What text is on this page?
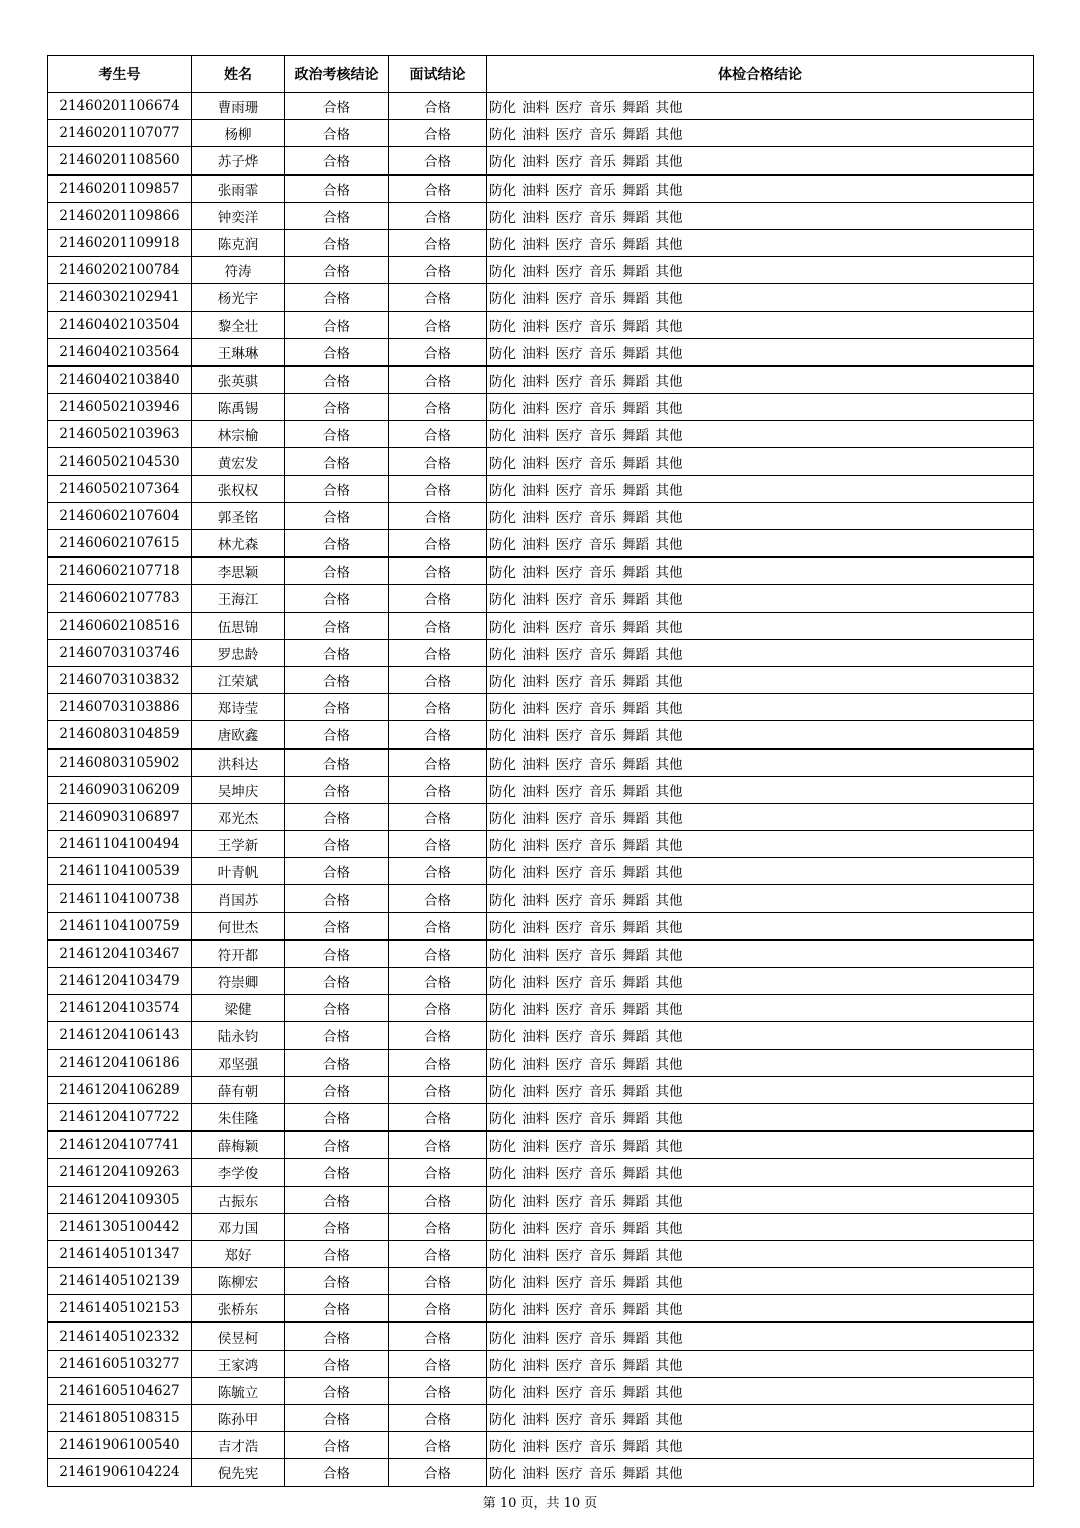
考生号	姓名	政治考核结论	面试结论	体检合格结论
21460201106674	曹雨珊	合格	合格	防化 油料 医疗 音乐 舞蹈 其他
21460201107077	杨柳	合格	合格	防化 油料 医疗 音乐 舞蹈 其他
21460201108560	苏子烨	合格	合格	防化 油料 医疗 音乐 舞蹈 其他
21460201109857	张雨霏	合格	合格	防化 油料 医疗 音乐 舞蹈 其他
21460201109866	钟奕洋	合格	合格	防化 油料 医疗 音乐 舞蹈 其他
21460201109918	陈克润	合格	合格	防化 油料 医疗 音乐 舞蹈 其他
21460202100784	符涛	合格	合格	防化 油料 医疗 音乐 舞蹈 其他
21460302102941	杨光宇	合格	合格	防化 油料 医疗 音乐 舞蹈 其他
21460402103504	黎全壮	合格	合格	防化 油料 医疗 音乐 舞蹈 其他
21460402103564	王琳琳	合格	合格	防化 油料 医疗 音乐 舞蹈 其他
21460402103840	张英骐	合格	合格	防化 油料 医疗 音乐 舞蹈 其他
21460502103946	陈禹锡	合格	合格	防化 油料 医疗 音乐 舞蹈 其他
21460502103963	林宗榆	合格	合格	防化 油料 医疗 音乐 舞蹈 其他
21460502104530	黄宏发	合格	合格	防化 油料 医疗 音乐 舞蹈 其他
21460502107364	张权权	合格	合格	防化 油料 医疗 音乐 舞蹈 其他
21460602107604	郭圣铭	合格	合格	防化 油料 医疗 音乐 舞蹈 其他
21460602107615	林尤森	合格	合格	防化 油料 医疗 音乐 舞蹈 其他
21460602107718	李思颖	合格	合格	防化 油料 医疗 音乐 舞蹈 其他
21460602107783	王海江	合格	合格	防化 油料 医疗 音乐 舞蹈 其他
21460602108516	伍思锦	合格	合格	防化 油料 医疗 音乐 舞蹈 其他
21460703103746	罗忠龄	合格	合格	防化 油料 医疗 音乐 舞蹈 其他
21460703103832	江荣斌	合格	合格	防化 油料 医疗 音乐 舞蹈 其他
21460703103886	郑诗莹	合格	合格	防化 油料 医疗 音乐 舞蹈 其他
21460803104859	唐欧鑫	合格	合格	防化 油料 医疗 音乐 舞蹈 其他
21460803105902	洪科达	合格	合格	防化 油料 医疗 音乐 舞蹈 其他
21460903106209	吴坤庆	合格	合格	防化 油料 医疗 音乐 舞蹈 其他
21460903106897	邓光杰	合格	合格	防化 油料 医疗 音乐 舞蹈 其他
21461104100494	王学新	合格	合格	防化 油料 医疗 音乐 舞蹈 其他
21461104100539	叶青帆	合格	合格	防化 油料 医疗 音乐 舞蹈 其他
21461104100738	肖国苏	合格	合格	防化 油料 医疗 音乐 舞蹈 其他
21461104100759	何世杰	合格	合格	防化 油料 医疗 音乐 舞蹈 其他
21461204103467	符开都	合格	合格	防化 油料 医疗 音乐 舞蹈 其他
21461204103479	符崇卿	合格	合格	防化 油料 医疗 音乐 舞蹈 其他
21461204103574	梁健	合格	合格	防化 油料 医疗 音乐 舞蹈 其他
21461204106143	陆永钧	合格	合格	防化 油料 医疗 音乐 舞蹈 其他
21461204106186	邓坚强	合格	合格	防化 油料 医疗 音乐 舞蹈 其他
21461204106289	薛有朝	合格	合格	防化 油料 医疗 音乐 舞蹈 其他
21461204107722	朱佳隆	合格	合格	防化 油料 医疗 音乐 舞蹈 其他
21461204107741	薛梅颖	合格	合格	防化 油料 医疗 音乐 舞蹈 其他
21461204109263	李学俊	合格	合格	防化 油料 医疗 音乐 舞蹈 其他
21461204109305	古振东	合格	合格	防化 油料 医疗 音乐 舞蹈 其他
21461305100442	邓力国	合格	合格	防化 油料 医疗 音乐 舞蹈 其他
21461405101347	郑好	合格	合格	防化 油料 医疗 音乐 舞蹈 其他
21461405102139	陈柳宏	合格	合格	防化 油料 医疗 音乐 舞蹈 其他
21461405102153	张桥东	合格	合格	防化 油料 医疗 音乐 舞蹈 其他
21461405102332	侯昱柯	合格	合格	防化 油料 医疗 音乐 舞蹈 其他
21461605103277	王家鸿	合格	合格	防化 油料 医疗 音乐 舞蹈 其他
21461605104627	陈毓立	合格	合格	防化 油料 医疗 音乐 舞蹈 其他
21461805108315	陈孙甲	合格	合格	防化 油料 医疗 音乐 舞蹈 其他
21461906100540	吉才浩	合格	合格	防化 油料 医疗 音乐 舞蹈 其他
21461906104224	倪先宪	合格	合格	防化 油料 医疗 音乐 舞蹈 其他
第 10 页，共 10 页
